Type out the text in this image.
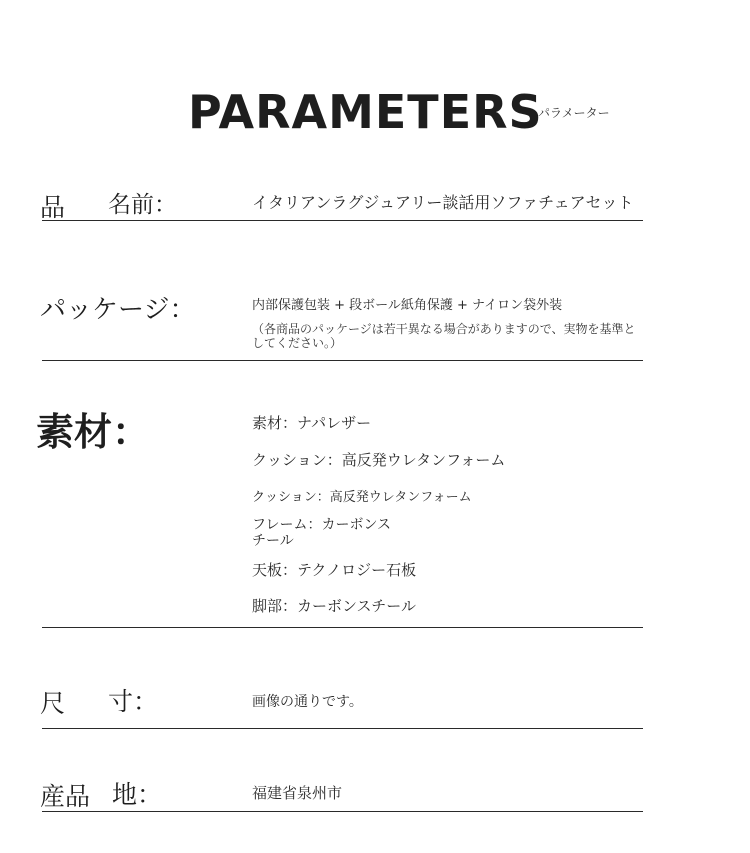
PARAMETERS
パラメーター
品 名前：	イタリアンラグジュアリー談話用ソファチェアセット
パッケージ：	内部保護包装 + 段ボール紙角保護 + ナイロン袋外装
（各商品のパッケージは若干異なる場合がありますので、実物を基準と
してください。）
素材：	素材：ナパレザー
クッション：高反発ウレタンフォーム
クッション：高反発ウレタンフォーム
フレーム：カーボンス
チール
天板：テクノロジー石板
脚部：カーボンスチール
尺 寸：	画像の通りです。
産品 地：	福建省泉州市
